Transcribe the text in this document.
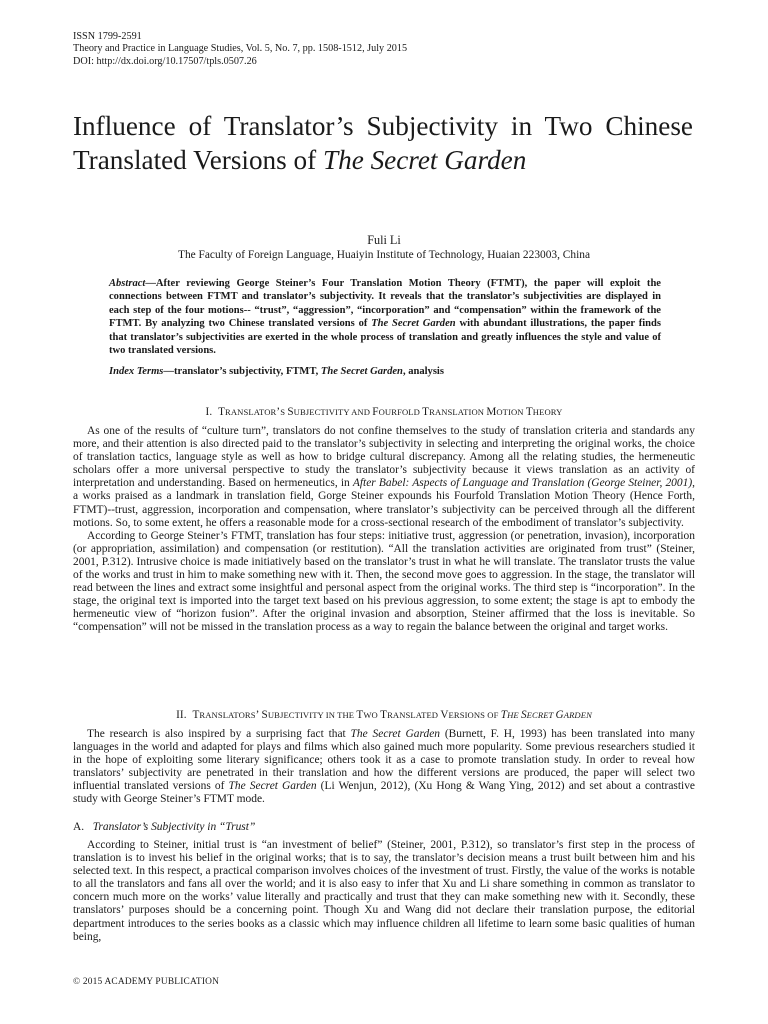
ISSN 1799-2591
Theory and Practice in Language Studies, Vol. 5, No. 7, pp. 1508-1512, July 2015
DOI: http://dx.doi.org/10.17507/tpls.0507.26
Influence of Translator’s Subjectivity in Two Chinese Translated Versions of The Secret Garden
Fuli Li
The Faculty of Foreign Language, Huaiyin Institute of Technology, Huaian 223003, China
Abstract—After reviewing George Steiner’s Four Translation Motion Theory (FTMT), the paper will exploit the connections between FTMT and translator’s subjectivity. It reveals that the translator’s subjectivities are displayed in each step of the four motions-- “trust”, “aggression”, “incorporation” and “compensation” within the framework of the FTMT. By analyzing two Chinese translated versions of The Secret Garden with abundant illustrations, the paper finds that translator’s subjectivities are exerted in the whole process of translation and greatly influences the style and value of two translated versions.
Index Terms—translator’s subjectivity, FTMT, The Secret Garden, analysis
I. TRANSLATOR’S SUBJECTIVITY AND FOURFOLD TRANSLATION MOTION THEORY

As one of the results of “culture turn”, translators do not confine themselves to the study of translation criteria and standards any more, and their attention is also directed paid to the translator’s subjectivity in selecting and interpreting the original works, the choice of translation tactics, language style as well as how to bridge cultural discrepancy. Among all the relating studies, the hermeneutic scholars offer a more universal perspective to study the translator’s subjectivity because it views translation as an activity of interpretation and understanding. Based on hermeneutics, in After Babel: Aspects of Language and Translation (George Steiner, 2001), a works praised as a landmark in translation field, Gorge Steiner expounds his Fourfold Translation Motion Theory (Hence Forth, FTMT)--trust, aggression, incorporation and compensation, where translator’s subjectivity can be perceived through all the different motions. So, to some extent, he offers a reasonable mode for a cross-sectional research of the embodiment of translator’s subjectivity.

According to George Steiner’s FTMT, translation has four steps: initiative trust, aggression (or penetration, invasion), incorporation (or appropriation, assimilation) and compensation (or restitution). “All the translation activities are originated from trust” (Steiner, 2001, P.312). Intrusive choice is made initiatively based on the translator’s trust in what he will translate. The translator trusts the value of the works and trust in him to make something new with it. Then, the second move goes to aggression. In the stage, the translator will read between the lines and extract some insightful and personal aspect from the original works. The third step is “incorporation”. In the stage, the original text is imported into the target text based on his previous aggression, to some extent; the stage is apt to embody the hermeneutic view of “horizon fusion”. After the original invasion and absorption, Steiner affirmed that the loss is inevitable. So “compensation” will not be missed in the translation process as a way to regain the balance between the original and target works.

II. TRANSLATORS’ SUBJECTIVITY IN THE TWO TRANSLATED VERSIONS OF THE SECRET GARDEN

The research is also inspired by a surprising fact that The Secret Garden (Burnett, F. H, 1993) has been translated into many languages in the world and adapted for plays and films which also gained much more popularity. Some previous researchers studied it in the hope of exploiting some literary significance; others took it as a case to promote translation study. In order to reveal how translators’ subjectivity are penetrated in their translation and how the different versions are produced, the paper will select two influential translated versions of The Secret Garden (Li Wenjun, 2012), (Xu Hong & Wang Ying, 2012) and set about a contrastive study with George Steiner’s FTMT mode.

A. Translator’s Subjectivity in “Trust”

According to Steiner, initial trust is “an investment of belief” (Steiner, 2001, P.312), so translator’s first step in the process of translation is to invest his belief in the original works; that is to say, the translator’s decision means a trust built between him and his selected text. In this respect, a practical comparison involves choices of the investment of trust. Firstly, the value of the works is notable to all the translators and fans all over the world; and it is also easy to infer that Xu and Li share something in common as translator to concern much more on the works’ value literally and practically and trust that they can make something new with it. Secondly, these translators’ purposes should be a concerning point. Though Xu and Wang did not declare their translation purpose, the editorial department introduces to the series books as a classic which may influence children all lifetime to learn some basic qualities of human being,

© 2015 ACADEMY PUBLICATION
